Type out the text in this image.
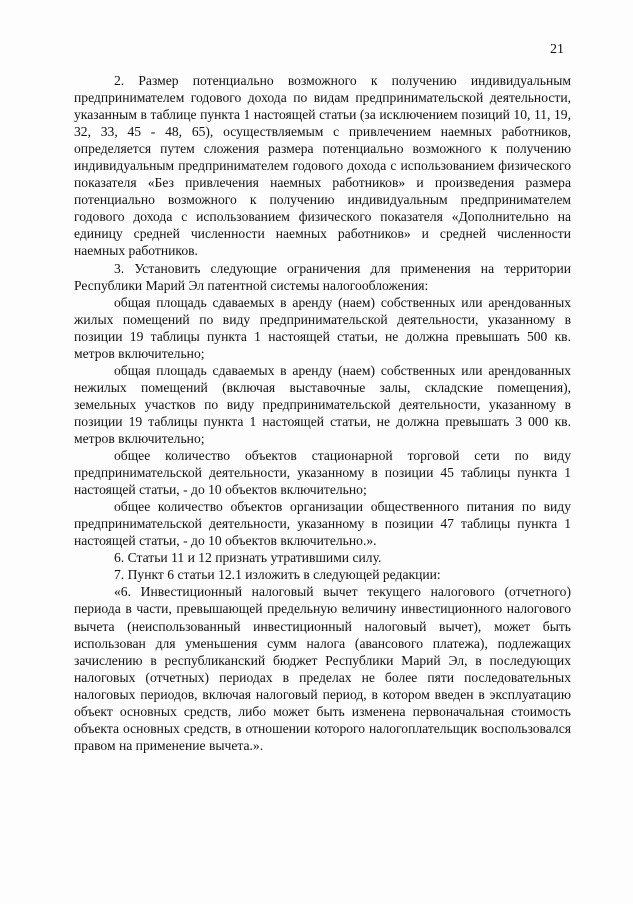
21

2. Размер потенциально возможного к получению индивидуальным предпринимателем годового дохода по видам предпринимательской деятельности, указанным в таблице пункта 1 настоящей статьи (за исключением позиций 10, 11, 19, 32, 33, 45 - 48, 65), осуществляемым с привлечением наемных работников, определяется путем сложения размера потенциально возможного к получению индивидуальным предпринимателем годового дохода с использованием физического показателя «Без привлечения наемных работников» и произведения размера потенциально возможного к получению индивидуальным предпринимателем годового дохода с использованием физического показателя «Дополнительно на единицу средней численности наемных работников» и средней численности наемных работников.

3. Установить следующие ограничения для применения на территории Республики Марий Эл патентной системы налогообложения:

общая площадь сдаваемых в аренду (наем) собственных или арендованных жилых помещений по виду предпринимательской деятельности, указанному в позиции 19 таблицы пункта 1 настоящей статьи, не должна превышать 500 кв. метров включительно;

общая площадь сдаваемых в аренду (наем) собственных или арендованных нежилых помещений (включая выставочные залы, складские помещения), земельных участков по виду предпринимательской деятельности, указанному в позиции 19 таблицы пункта 1 настоящей статьи, не должна превышать 3 000 кв. метров включительно;

общее количество объектов стационарной торговой сети по виду предпринимательской деятельности, указанному в позиции 45 таблицы пункта 1 настоящей статьи, - до 10 объектов включительно;

общее количество объектов организации общественного питания по виду предпринимательской деятельности, указанному в позиции 47 таблицы пункта 1 настоящей статьи, - до 10 объектов включительно.».

6. Статьи 11 и 12 признать утратившими силу.

7. Пункт 6 статьи 12.1 изложить в следующей редакции:

«6. Инвестиционный налоговый вычет текущего налогового (отчетного) периода в части, превышающей предельную величину инвестиционного налогового вычета (неиспользованный инвестиционный налоговый вычет), может быть использован для уменьшения сумм налога (авансового платежа), подлежащих зачислению в республиканский бюджет Республики Марий Эл, в последующих налоговых (отчетных) периодах в пределах не более пяти последовательных налоговых периодов, включая налоговый период, в котором введен в эксплуатацию объект основных средств, либо может быть изменена первоначальная стоимость объекта основных средств, в отношении которого налогоплательщик воспользовался правом на применение вычета.».
